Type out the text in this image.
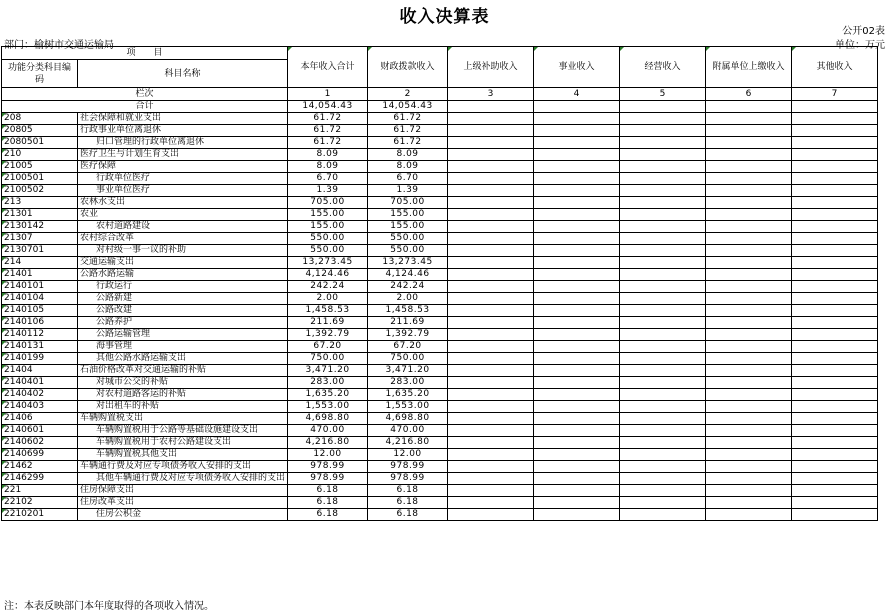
收入决算表
公开02表
部门：榆树市交通运输局	单位：万元
项　　目		本年收入合计	财政拨款收入	上级补助收入	事业收入	经营收入	附属单位上缴收入	其他收入
功能分类科目编码	科目名称							
栏次		1	2	3	4	5	6	7
合计		14,054.43	14,054.43					
208	社会保障和就业支出	61.72	61.72					
20805	行政事业单位离退休	61.72	61.72					
2080501	归口管理的行政单位离退休	61.72	61.72					
210	医疗卫生与计划生育支出	8.09	8.09					
21005	医疗保障	8.09	8.09					
2100501	行政单位医疗	6.70	6.70					
2100502	事业单位医疗	1.39	1.39					
213	农林水支出	705.00	705.00					
21301	农业	155.00	155.00					
2130142	农村道路建设	155.00	155.00					
21307	农村综合改革	550.00	550.00					
2130701	对村级一事一议的补助	550.00	550.00					
214	交通运输支出	13,273.45	13,273.45					
21401	公路水路运输	4,124.46	4,124.46					
2140101	行政运行	242.24	242.24					
2140104	公路新建	2.00	2.00					
2140105	公路改建	1,458.53	1,458.53					
2140106	公路养护	211.69	211.69					
2140112	公路运输管理	1,392.79	1,392.79					
2140131	海事管理	67.20	67.20					
2140199	其他公路水路运输支出	750.00	750.00					
21404	石油价格改革对交通运输的补贴	3,471.20	3,471.20					
2140401	对城市公交的补贴	283.00	283.00					
2140402	对农村道路客运的补贴	1,635.20	1,635.20					
2140403	对出租车的补贴	1,553.00	1,553.00					
21406	车辆购置税支出	4,698.80	4,698.80					
2140601	车辆购置税用于公路等基础设施建设支出	470.00	470.00					
2140602	车辆购置税用于农村公路建设支出	4,216.80	4,216.80					
2140699	车辆购置税其他支出	12.00	12.00					
21462	车辆通行费及对应专项债务收入安排的支出	978.99	978.99					
2146299	其他车辆通行费及对应专项债务收入安排的支出	978.99	978.99					
221	住房保障支出	6.18	6.18					
22102	住房改革支出	6.18	6.18					
2210201	住房公积金	6.18	6.18					
注：本表反映部门本年度取得的各项收入情况。
